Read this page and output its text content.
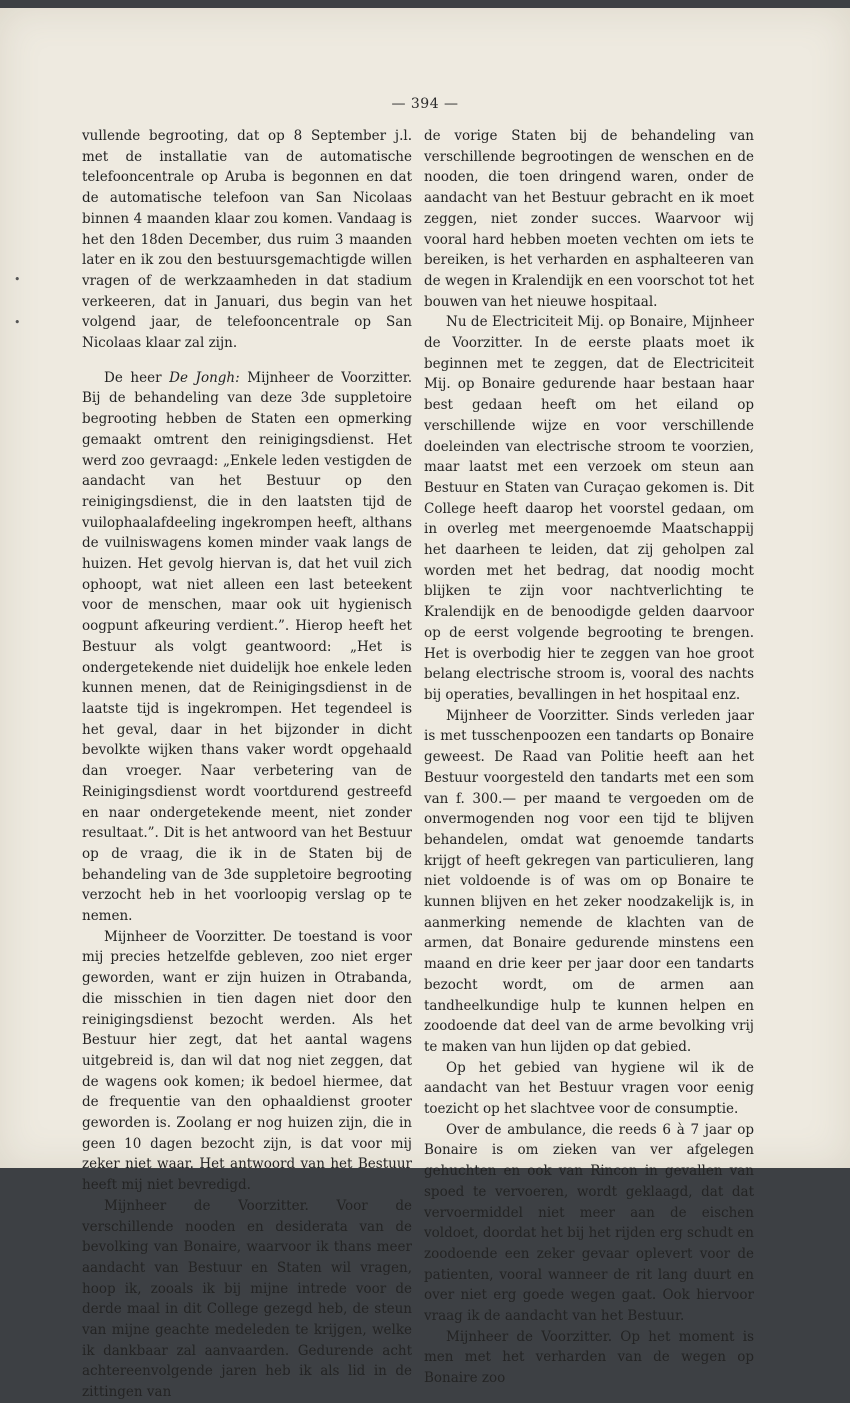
— 394 —
•
•

vullende begrooting, dat op 8 September j.l. met de installatie van de automatische telefooncentrale op Aruba is begonnen en dat de automatische telefoon van San Nicolaas binnen 4 maanden klaar zou komen. Vandaag is het den 18den December, dus ruim 3 maanden later en ik zou den bestuursgemachtigde willen vragen of de werkzaamheden in dat stadium verkeeren, dat in Januari, dus begin van het volgend jaar, de telefooncentrale op San Nicolaas klaar zal zijn.

De heer De Jongh: Mijnheer de Voorzitter. Bij de behandeling van deze 3de suppletoire begrooting hebben de Staten een opmerking gemaakt omtrent den reinigingsdienst. Het werd zoo gevraagd: „Enkele leden vestigden de aandacht van het Bestuur op den reinigingsdienst, die in den laatsten tijd de vuilophaalafdeeling ingekrompen heeft, althans de vuilniswagens komen minder vaak langs de huizen. Het gevolg hiervan is, dat het vuil zich ophoopt, wat niet alleen een last beteekent voor de menschen, maar ook uit hygienisch oogpunt afkeuring verdient.”. Hierop heeft het Bestuur als volgt geantwoord: „Het is ondergetekende niet duidelijk hoe enkele leden kunnen menen, dat de Reinigingsdienst in de laatste tijd is ingekrompen. Het tegendeel is het geval, daar in het bijzonder in dicht bevolkte wijken thans vaker wordt opgehaald dan vroeger. Naar verbetering van de Reinigingsdienst wordt voortdurend gestreefd en naar ondergetekende meent, niet zonder resultaat.”. Dit is het antwoord van het Bestuur op de vraag, die ik in de Staten bij de behandeling van de 3de suppletoire begrooting verzocht heb in het voorloopig verslag op te nemen.

Mijnheer de Voorzitter. De toestand is voor mij precies hetzelfde gebleven, zoo niet erger geworden, want er zijn huizen in Otrabanda, die misschien in tien dagen niet door den reinigingsdienst bezocht werden. Als het Bestuur hier zegt, dat het aantal wagens uitgebreid is, dan wil dat nog niet zeggen, dat de wagens ook komen; ik bedoel hiermee, dat de frequentie van den ophaaldienst grooter geworden is. Zoolang er nog huizen zijn, die in geen 10 dagen bezocht zijn, is dat voor mij zeker niet waar. Het antwoord van het Bestuur heeft mij niet bevredigd.

Mijnheer de Voorzitter. Voor de verschillende nooden en desiderata van de bevolking van Bonaire, waarvoor ik thans meer aandacht van Bestuur en Staten wil vragen, hoop ik, zooals ik bij mijne intrede voor de derde maal in dit College gezegd heb, de steun van mijne geachte medeleden te krijgen, welke ik dankbaar zal aanvaarden. Gedurende acht achtereenvolgende jaren heb ik als lid in de zittingen van

de vorige Staten bij de behandeling van verschillende begrootingen de wenschen en de nooden, die toen dringend waren, onder de aandacht van het Bestuur gebracht en ik moet zeggen, niet zonder succes. Waarvoor wij vooral hard hebben moeten vechten om iets te bereiken, is het verharden en asphalteeren van de wegen in Kralendijk en een voorschot tot het bouwen van het nieuwe hospitaal.

Nu de Electriciteit Mij. op Bonaire, Mijnheer de Voorzitter. In de eerste plaats moet ik beginnen met te zeggen, dat de Electriciteit Mij. op Bonaire gedurende haar bestaan haar best gedaan heeft om het eiland op verschillende wijze en voor verschillende doeleinden van electrische stroom te voorzien, maar laatst met een verzoek om steun aan Bestuur en Staten van Curaçao gekomen is. Dit College heeft daarop het voorstel gedaan, om in overleg met meergenoemde Maatschappij het daarheen te leiden, dat zij geholpen zal worden met het bedrag, dat noodig mocht blijken te zijn voor nachtverlichting te Kralendijk en de benoodigde gelden daarvoor op de eerst volgende begrooting te brengen. Het is overbodig hier te zeggen van hoe groot belang electrische stroom is, vooral des nachts bij operaties, bevallingen in het hospitaal enz.

Mijnheer de Voorzitter. Sinds verleden jaar is met tusschenpoozen een tandarts op Bonaire geweest. De Raad van Politie heeft aan het Bestuur voorgesteld den tandarts met een som van f. 300.— per maand te vergoeden om de onvermogenden nog voor een tijd te blijven behandelen, omdat wat genoemde tandarts krijgt of heeft gekregen van particulieren, lang niet voldoende is of was om op Bonaire te kunnen blijven en het zeker noodzakelijk is, in aanmerking nemende de klachten van de armen, dat Bonaire gedurende minstens een maand en drie keer per jaar door een tandarts bezocht wordt, om de armen aan tandheelkundige hulp te kunnen helpen en zoodoende dat deel van de arme bevolking vrij te maken van hun lijden op dat gebied.

Op het gebied van hygiene wil ik de aandacht van het Bestuur vragen voor eenig toezicht op het slachtvee voor de consumptie.

Over de ambulance, die reeds 6 à 7 jaar op Bonaire is om zieken van ver afgelegen gehuchten en ook van Rincon in gevallen van spoed te vervoeren, wordt geklaagd, dat dat vervoermiddel niet meer aan de eischen voldoet, doordat het bij het rijden erg schudt en zoodoende een zeker gevaar oplevert voor de patienten, vooral wanneer de rit lang duurt en over niet erg goede wegen gaat. Ook hiervoor vraag ik de aandacht van het Bestuur.

Mijnheer de Voorzitter. Op het moment is men met het verharden van de wegen op Bonaire zoo
